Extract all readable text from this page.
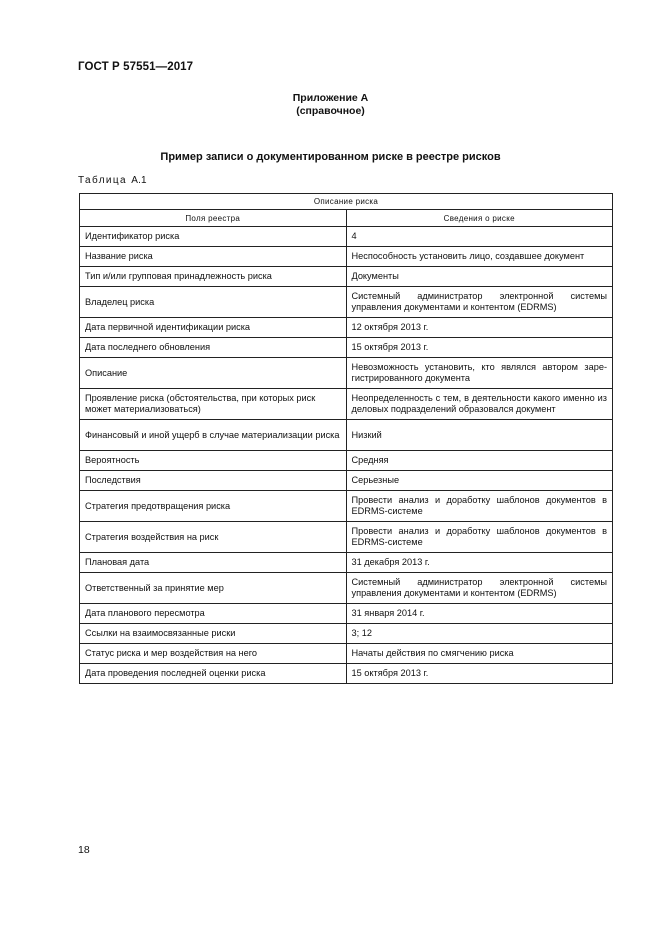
ГОСТ Р 57551—2017
Приложение А
(справочное)
Пример записи о документированном риске в реестре рисков
Таблица А.1
Описание риска	
Поля реестра	Сведения о риске
Идентификатор риска	4
Название риска	Неспособность установить лицо, создавшее документ
Тип и/или групповая принадлежность риска	Документы
Владелец риска	Системный администратор электронной системы управления документами и контентом (EDRMS)
Дата первичной идентификации риска	12 октября 2013 г.
Дата последнего обновления	15 октября 2013 г.
Описание	Невозможность установить, кто являлся автором зарегистрированного документа
Проявление риска (обстоятельства, при которых риск может материализоваться)	Неопределенность с тем, в деятельности какого именно из деловых подразделений образовался документ
Финансовый и иной ущерб в случае материализации риска	Низкий
Вероятность	Средняя
Последствия	Серьезные
Стратегия предотвращения риска	Провести анализ и доработку шаблонов документов в EDRMS-системе
Стратегия воздействия на риск	Провести анализ и доработку шаблонов документов в EDRMS-системе
Плановая дата	31 декабря 2013 г.
Ответственный за принятие мер	Системный администратор электронной системы управления документами и контентом (EDRMS)
Дата планового пересмотра	31 января 2014 г.
Ссылки на взаимосвязанные риски	3; 12
Статус риска и мер воздействия на него	Начаты действия по смягчению риска
Дата проведения последней оценки риска	15 октября 2013 г.
18
